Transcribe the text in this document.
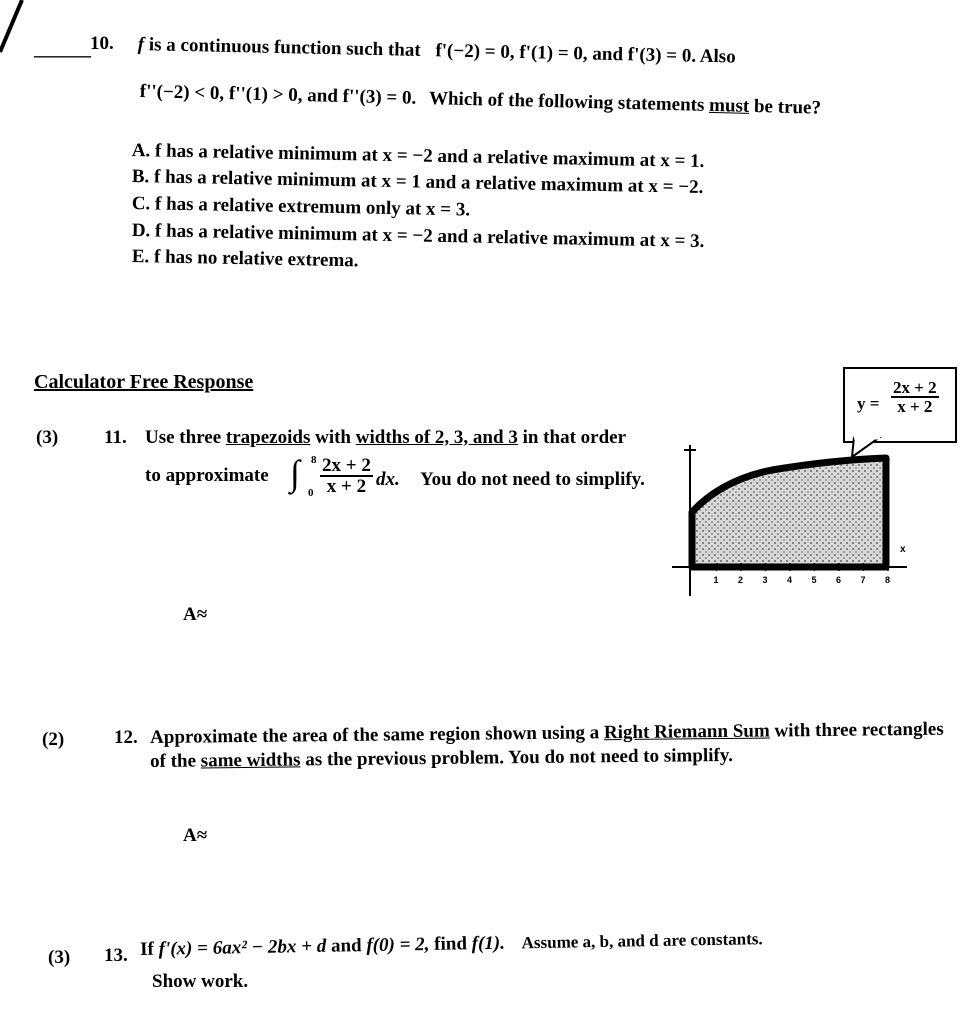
______ 10. f is a continuous function such that f'(−2) = 0, f'(1) = 0, and f'(3) = 0. Also
f''(−2) < 0, f''(1) > 0, and f''(3) = 0. Which of the following statements must be true?
A. f has a relative minimum at x = −2 and a relative maximum at x = 1.
B. f has a relative minimum at x = 1 and a relative maximum at x = −2.
C. f has a relative extremum only at x = 3.
D. f has a relative minimum at x = −2 and a relative maximum at x = 3.
E. f has no relative extrema.
Calculator Free Response
(3) 11. Use three trapezoids with widths of 2, 3, and 3 in that order
to approximate ∫ 8
$0 \frac{2x + 2}{x + 2}$ dx. You do not need to simplify.
A≈
x
1 2 3 4 5 6 7 8
$y = \frac{2x + 2}{x + 2}$
(2)	12. Approximate the area of the same region shown using a Right Riemann Sum with three rectangles
of the same widths as the previous problem. You do not need to simplify.
A≈
(3) 13. If f'(x) = 6ax² − 2bx + d and f(0) = 2, find f(1). Assume a, b, and d are constants.
Show work.
